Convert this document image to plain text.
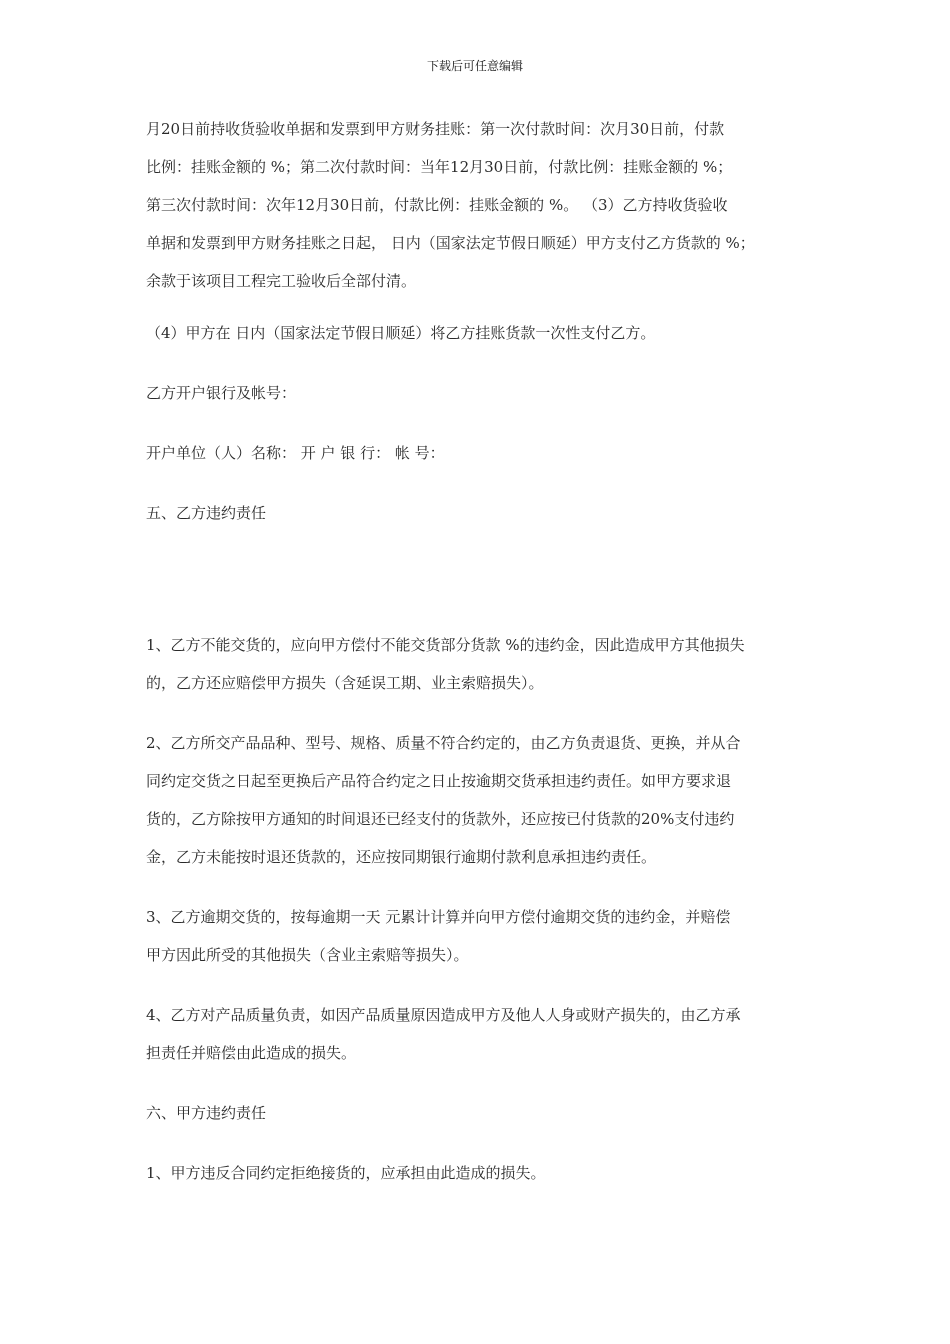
下载后可任意编辑

月20日前持收货验收单据和发票到甲方财务挂账：第一次付款时间：次月30日前，付款
比例：挂账金额的 %；第二次付款时间：当年12月30日前，付款比例：挂账金额的 %；
第三次付款时间：次年12月30日前，付款比例：挂账金额的 %。 （3）乙方持收货验收
单据和发票到甲方财务挂账之日起， 日内（国家法定节假日顺延）甲方支付乙方货款的 %；
余款于该项目工程完工验收后全部付清。

（4）甲方在 日内（国家法定节假日顺延）将乙方挂账货款一次性支付乙方。

乙方开户银行及帐号：

开户单位（人）名称： 开 户 银 行： 帐 号：

五、乙方违约责任

1、乙方不能交货的，应向甲方偿付不能交货部分货款 %的违约金，因此造成甲方其他损失
的，乙方还应赔偿甲方损失（含延误工期、业主索赔损失）。

2、乙方所交产品品种、型号、规格、质量不符合约定的，由乙方负责退货、更换，并从合
同约定交货之日起至更换后产品符合约定之日止按逾期交货承担违约责任。如甲方要求退
货的，乙方除按甲方通知的时间退还已经支付的货款外，还应按已付货款的20%支付违约
金，乙方未能按时退还货款的，还应按同期银行逾期付款利息承担违约责任。

3、乙方逾期交货的，按每逾期一天 元累计计算并向甲方偿付逾期交货的违约金，并赔偿
甲方因此所受的其他损失（含业主索赔等损失）。

4、乙方对产品质量负责，如因产品质量原因造成甲方及他人人身或财产损失的，由乙方承
担责任并赔偿由此造成的损失。

六、甲方违约责任

1、甲方违反合同约定拒绝接货的，应承担由此造成的损失。
